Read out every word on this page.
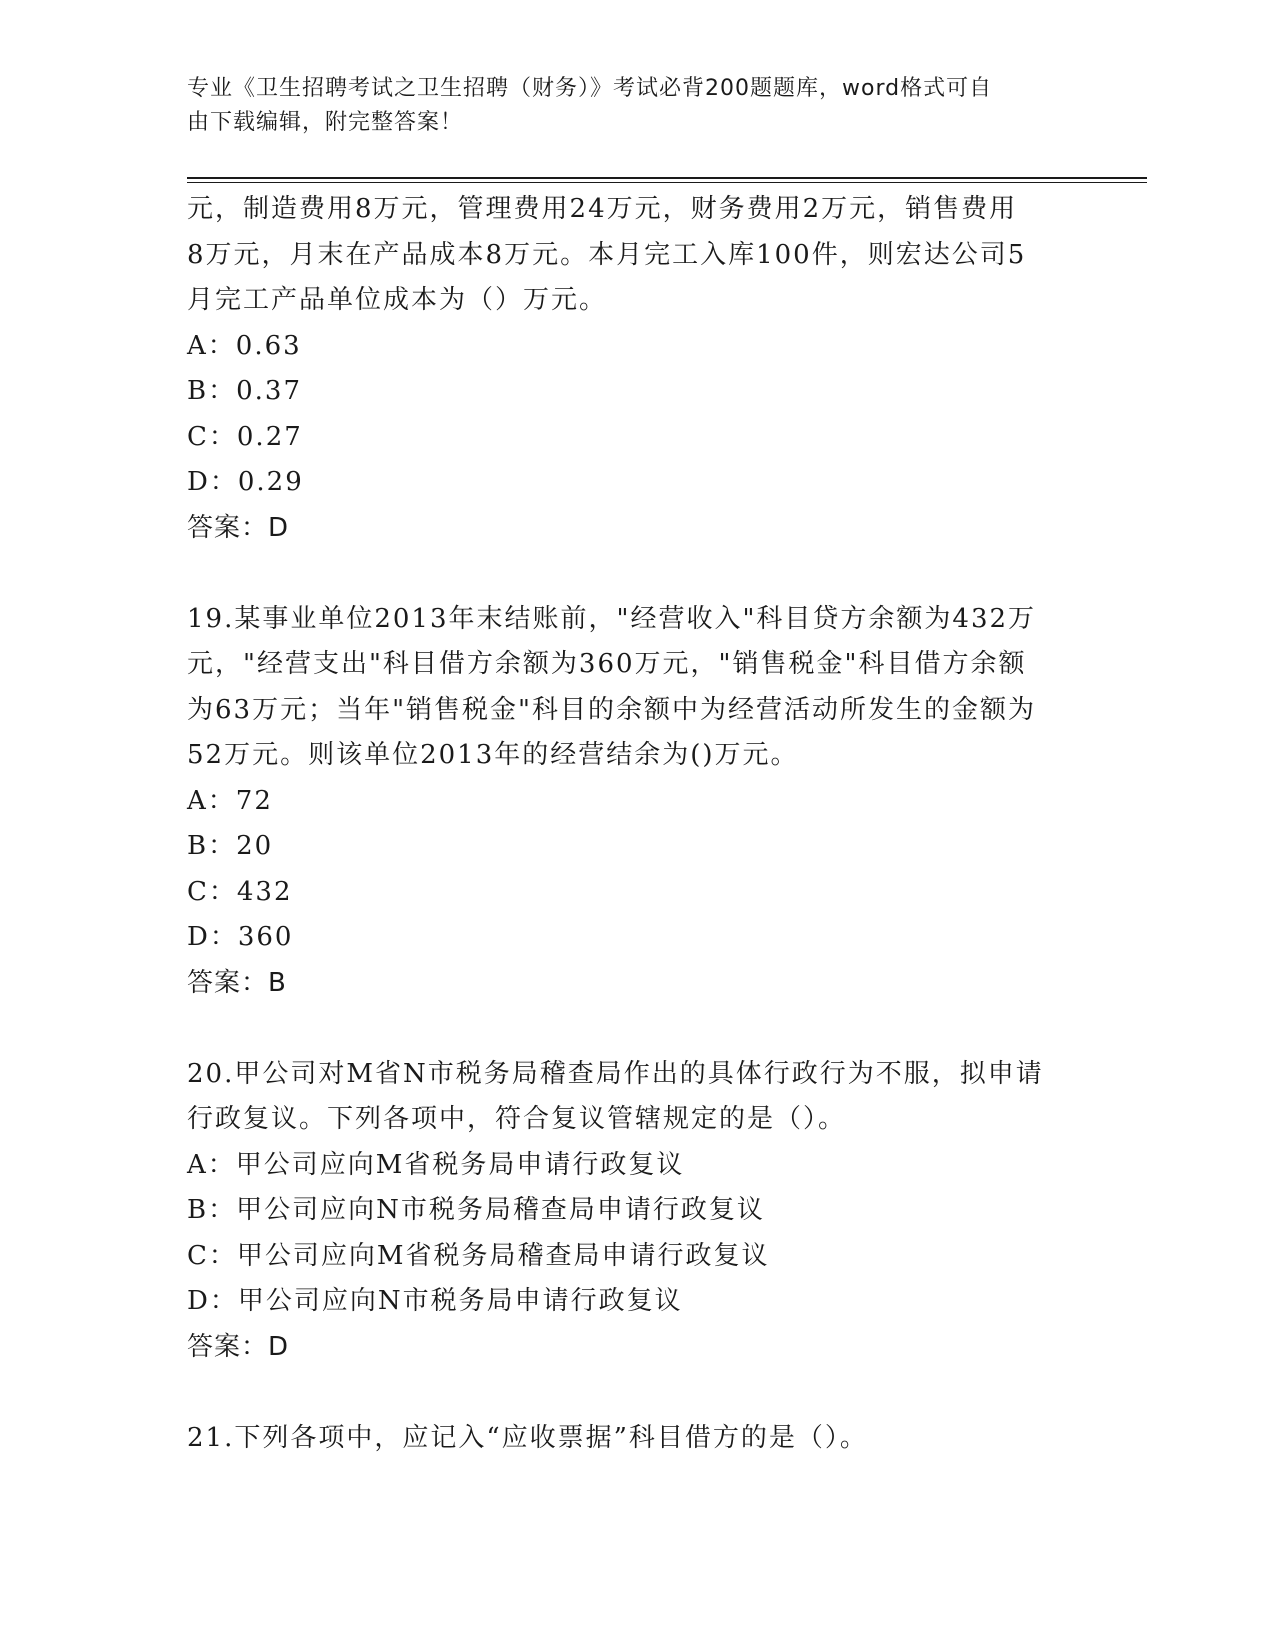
专业《卫生招聘考试之卫生招聘（财务）》考试必背200题题库，word格式可自
由下载编辑，附完整答案！
元，制造费用8万元，管理费用24万元，财务费用2万元，销售费用
8万元，月末在产品成本8万元。本月完工入库100件，则宏达公司5
月完工产品单位成本为（）万元。
A：0.63
B：0.37
C：0.27
D：0.29
答案：D
19.某事业单位2013年末结账前，"经营收入"科目贷方余额为432万
元，"经营支出"科目借方余额为360万元，"销售税金"科目借方余额
为63万元；当年"销售税金"科目的余额中为经营活动所发生的金额为
52万元。则该单位2013年的经营结余为()万元。
A：72
B：20
C：432
D：360
答案：B
20.甲公司对M省N市税务局稽查局作出的具体行政行为不服，拟申请
行政复议。下列各项中，符合复议管辖规定的是（）。
A：甲公司应向M省税务局申请行政复议
B：甲公司应向N市税务局稽查局申请行政复议
C：甲公司应向M省税务局稽查局申请行政复议
D：甲公司应向N市税务局申请行政复议
答案：D
21.下列各项中，应记入“应收票据”科目借方的是（）。
